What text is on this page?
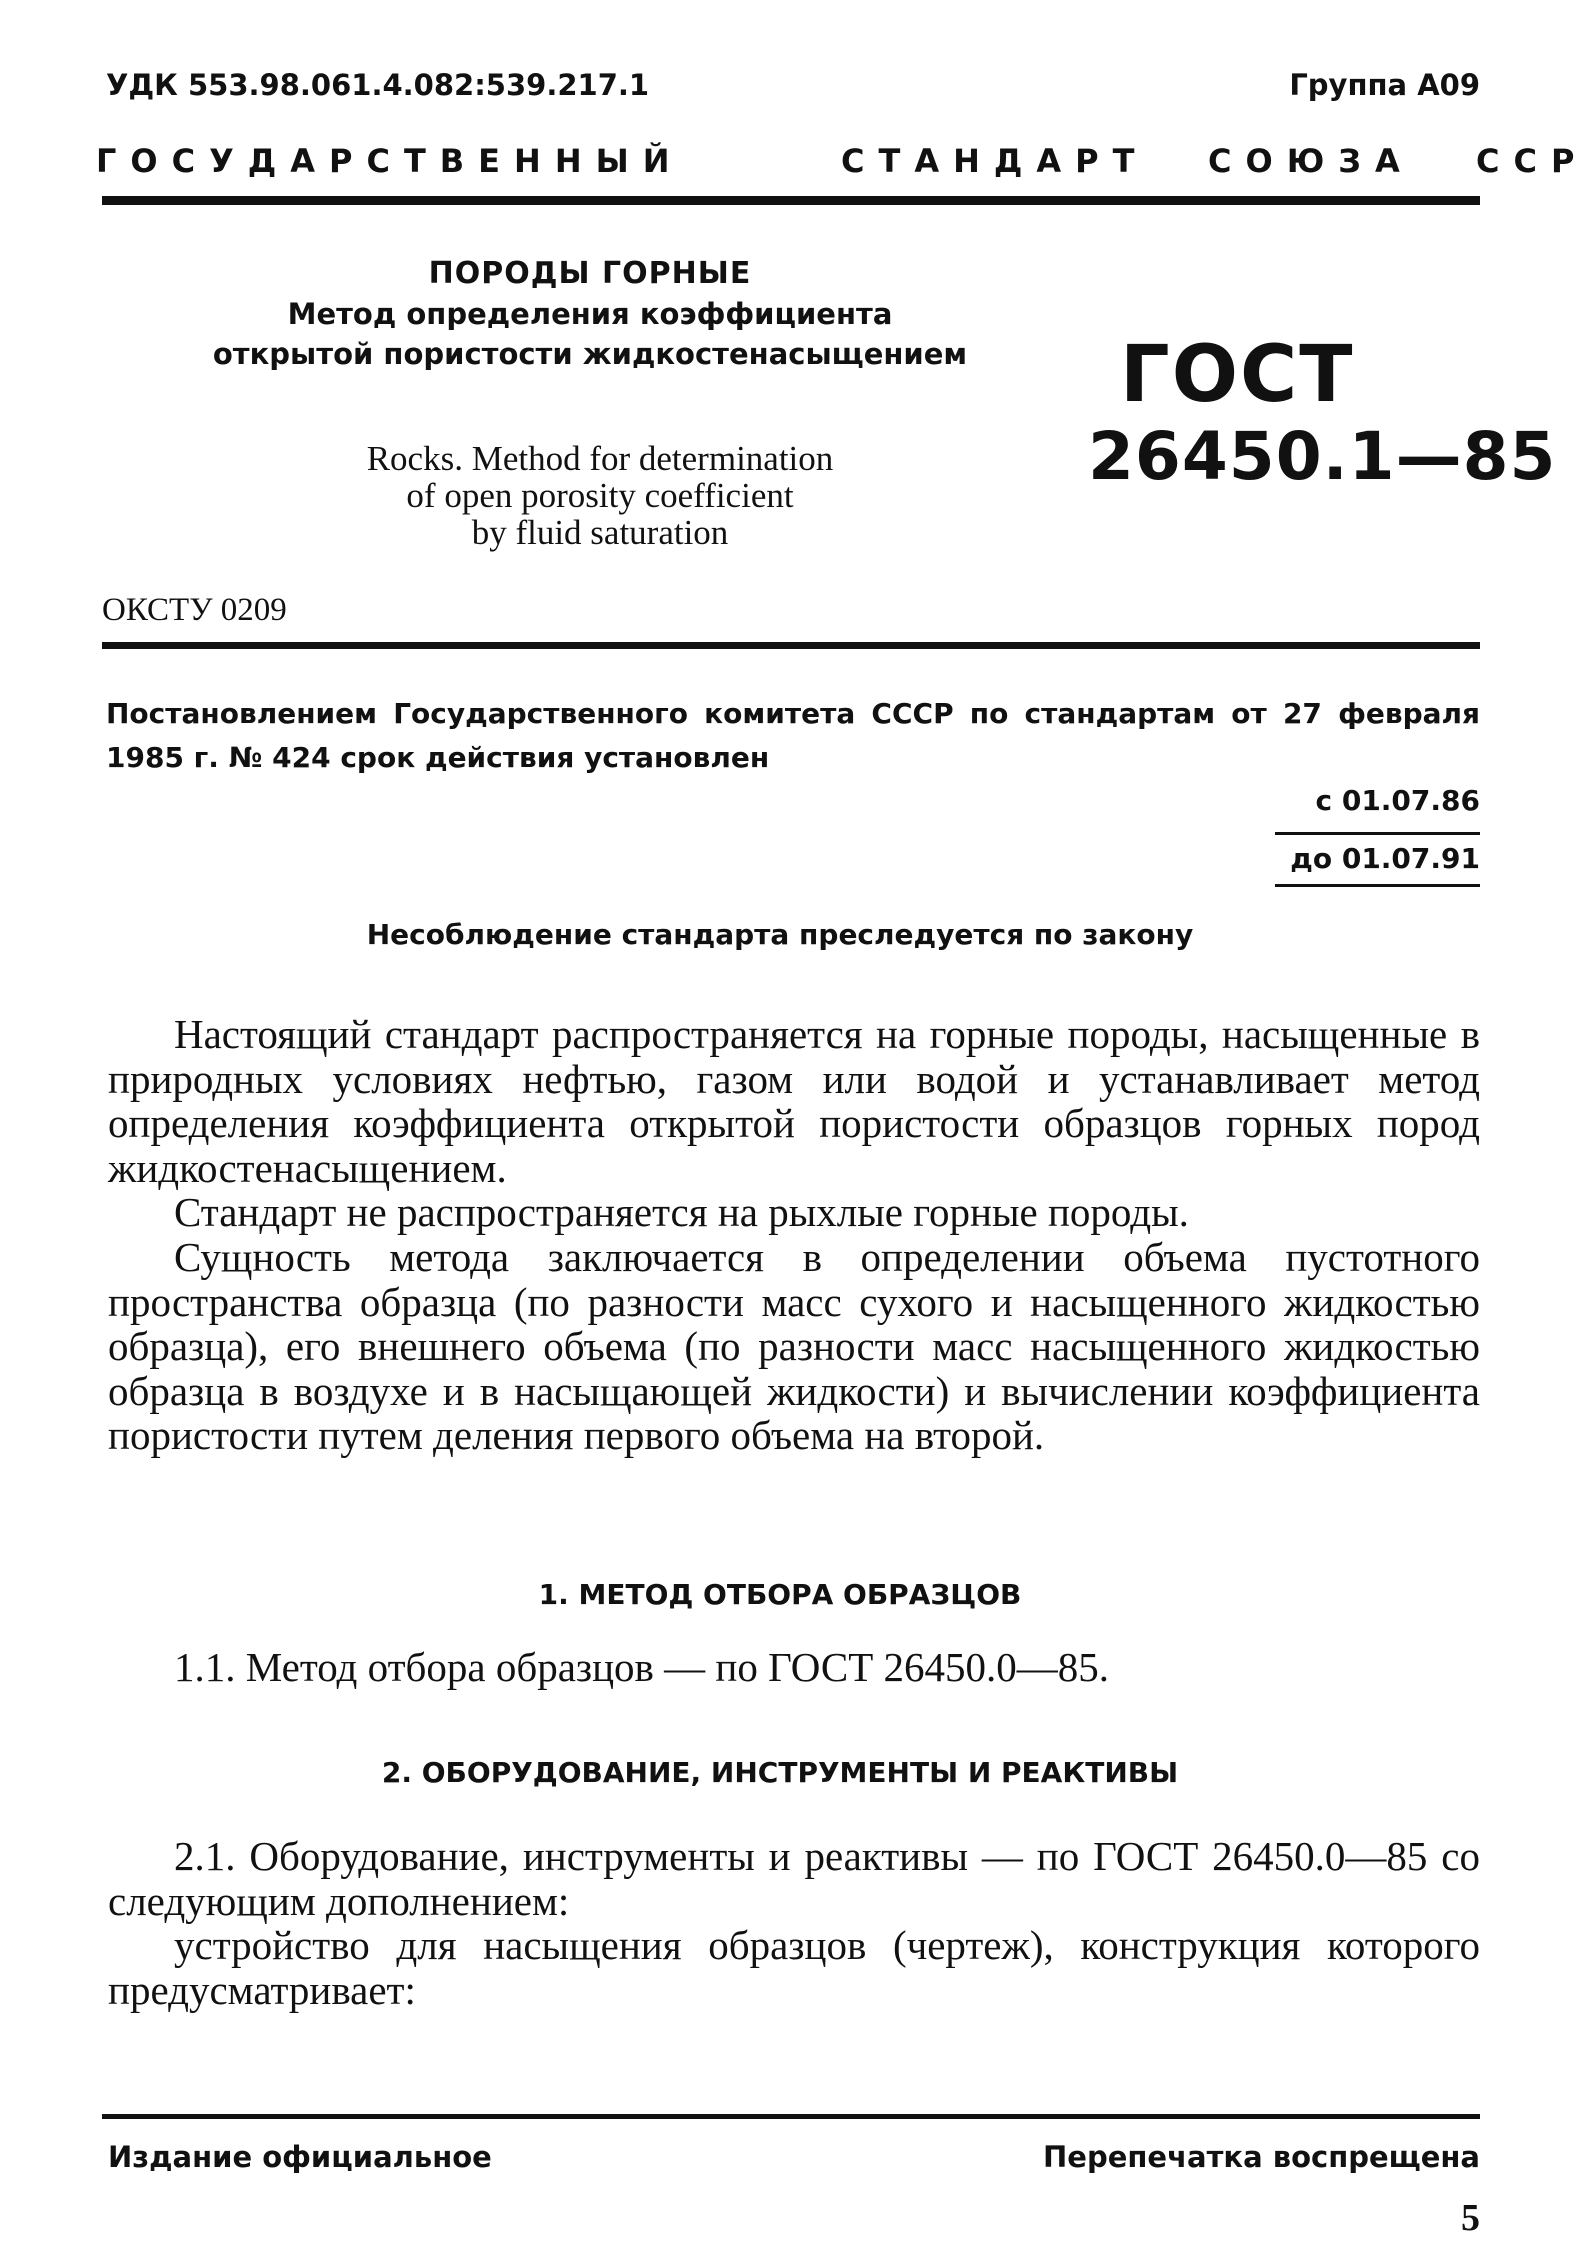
УДК 553.98.061.4.082:539.217.1	Группа А09
ГОСУДАРСТВЕННЫЙ	СТАНДАРТ СОЮЗА ССР
ПОРОДЫ ГОРНЫЕ
Метод определения коэффициента
открытой пористости жидкостенасыщением
Rocks. Method for determination
of open porosity coefficient
by fluid saturation
ГОСТ
26450.1—85
ОКСТУ 0209
Постановлением Государственного комитета СССР по стандартам от 27 февраля 1985 г. № 424 срок действия установлен
с 01.07.86
до 01.07.91
Несоблюдение стандарта преследуется по закону
Настоящий стандарт распространяется на горные породы, насыщенные в природных условиях нефтью, газом или водой и устанавливает метод определения коэффициента открытой пористости образцов горных пород жидкостенасыщением.
Стандарт не распространяется на рыхлые горные породы.
Сущность метода заключается в определении объема пустотного пространства образца (по разности масс сухого и насыщенного жидкостью образца), его внешнего объема (по разности масс насыщенного жидкостью образца в воздухе и в насыщающей жидкости) и вычислении коэффициента пористости путем деления первого объема на второй.
1. МЕТОД ОТБОРА ОБРАЗЦОВ
1.1. Метод отбора образцов — по ГОСТ 26450.0—85.
2. ОБОРУДОВАНИЕ, ИНСТРУМЕНТЫ И РЕАКТИВЫ
2.1. Оборудование, инструменты и реактивы — по ГОСТ 26450.0—85 со следующим дополнением:
устройство для насыщения образцов (чертеж), конструкция которого предусматривает:
Издание официальное	Перепечатка воспрещена
5
